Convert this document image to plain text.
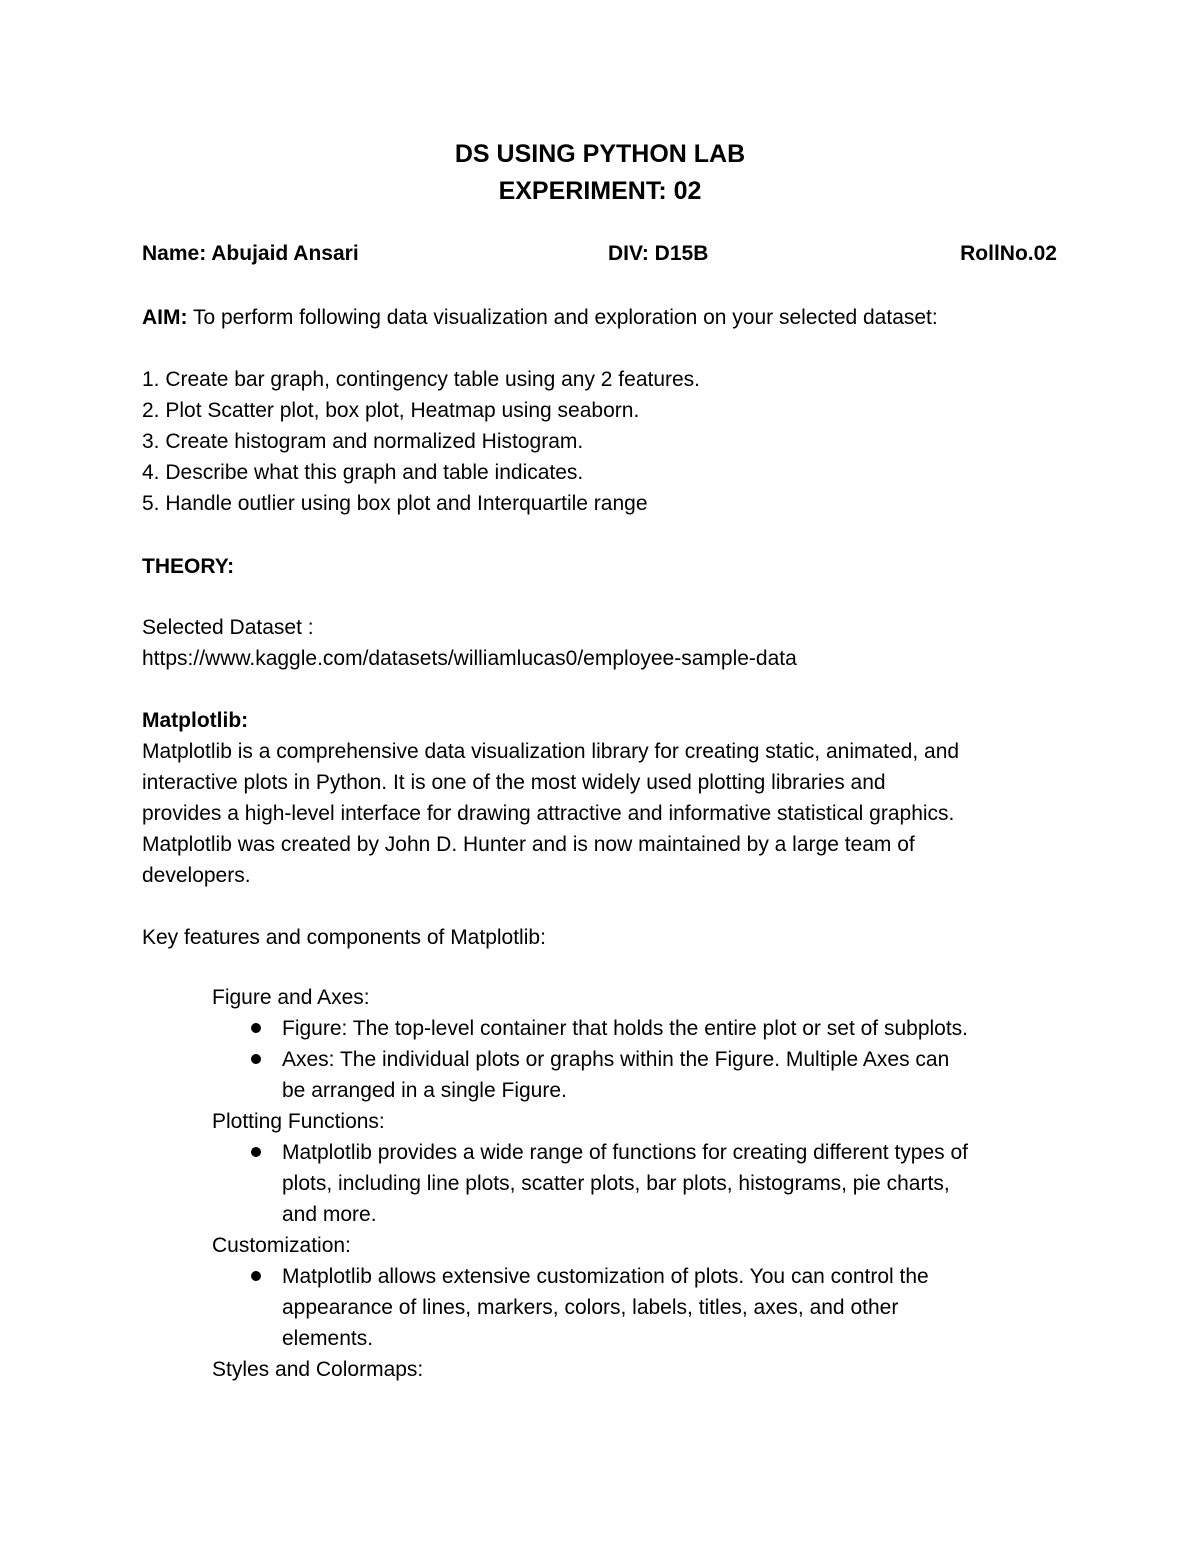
DS USING PYTHON LAB
EXPERIMENT: 02
Name: Abujaid Ansari	DIV: D15B	RollNo.02
AIM: To perform following data visualization and exploration on your selected dataset:
1. Create bar graph, contingency table using any 2 features.
2. Plot Scatter plot, box plot, Heatmap using seaborn.
3. Create histogram and normalized Histogram.
4. Describe what this graph and table indicates.
5. Handle outlier using box plot and Interquartile range
THEORY:
Selected Dataset :
https://www.kaggle.com/datasets/williamlucas0/employee-sample-data
Matplotlib:
Matplotlib is a comprehensive data visualization library for creating static, animated, and
interactive plots in Python. It is one of the most widely used plotting libraries and
provides a high-level interface for drawing attractive and informative statistical graphics.
Matplotlib was created by John D. Hunter and is now maintained by a large team of
developers.
Key features and components of Matplotlib:
Figure and Axes:
Figure: The top-level container that holds the entire plot or set of subplots.
Axes: The individual plots or graphs within the Figure. Multiple Axes can
be arranged in a single Figure.
Plotting Functions:
Matplotlib provides a wide range of functions for creating different types of
plots, including line plots, scatter plots, bar plots, histograms, pie charts,
and more.
Customization:
Matplotlib allows extensive customization of plots. You can control the
appearance of lines, markers, colors, labels, titles, axes, and other
elements.
Styles and Colormaps:
